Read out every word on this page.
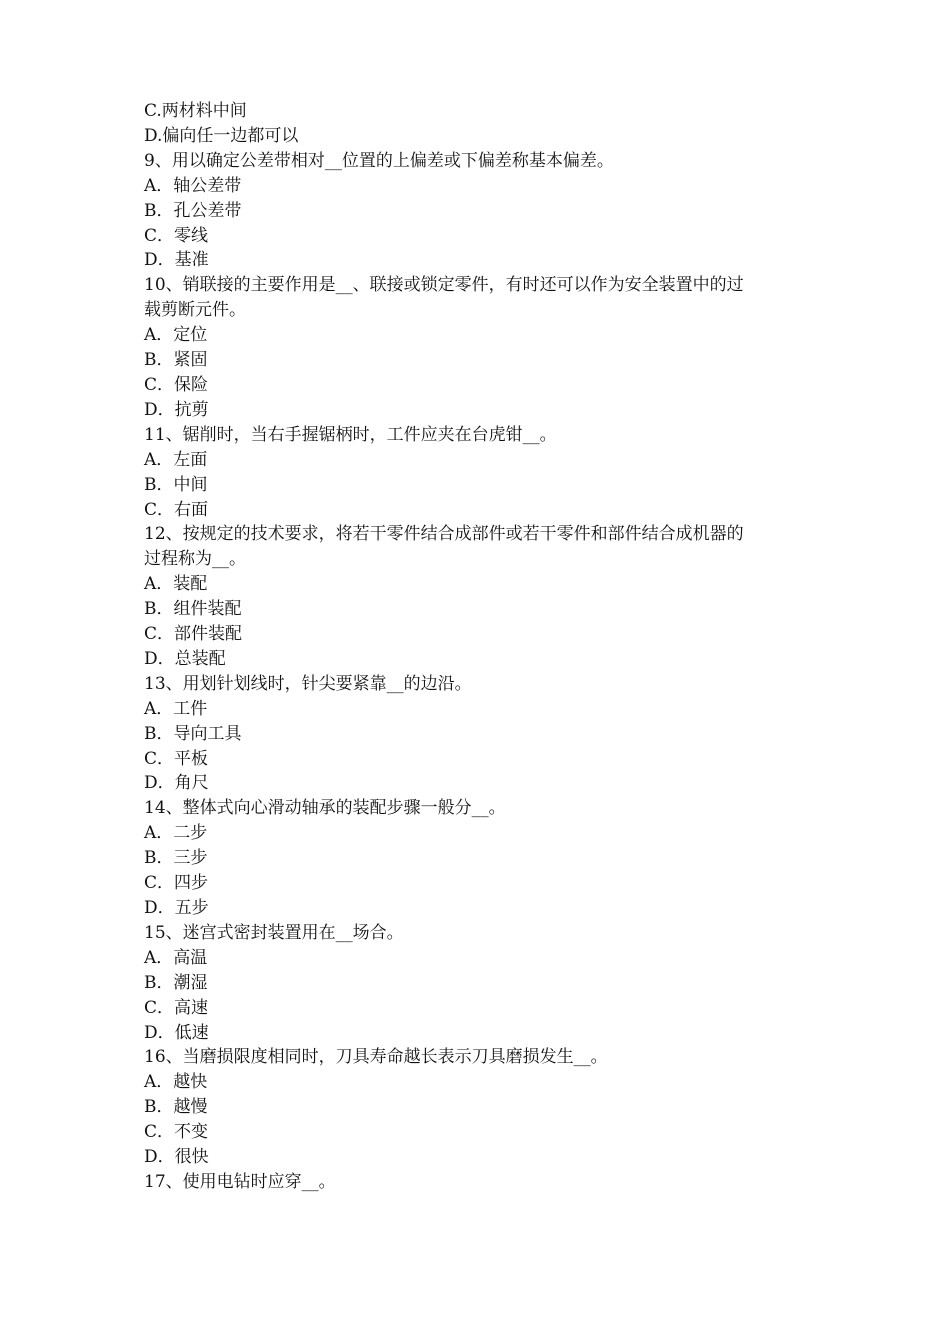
C.两材料中间
D.偏向任一边都可以
9、用以确定公差带相对__位置的上偏差或下偏差称基本偏差。
A．轴公差带
B．孔公差带
C．零线
D．基准
10、销联接的主要作用是__、联接或锁定零件，有时还可以作为安全装置中的过
载剪断元件。
A．定位
B．紧固
C．保险
D．抗剪
11、锯削时，当右手握锯柄时，工件应夹在台虎钳__。
A．左面
B．中间
C．右面
12、按规定的技术要求，将若干零件结合成部件或若干零件和部件结合成机器的
过程称为__。
A．装配
B．组件装配
C．部件装配
D．总装配
13、用划针划线时，针尖要紧靠__的边沿。
A．工件
B．导向工具
C．平板
D．角尺
14、整体式向心滑动轴承的装配步骤一般分__。
A．二步
B．三步
C．四步
D．五步
15、迷宫式密封装置用在__场合。
A．高温
B．潮湿
C．高速
D．低速
16、当磨损限度相同时，刀具寿命越长表示刀具磨损发生__。
A．越快
B．越慢
C．不变
D．很快
17、使用电钻时应穿__。
